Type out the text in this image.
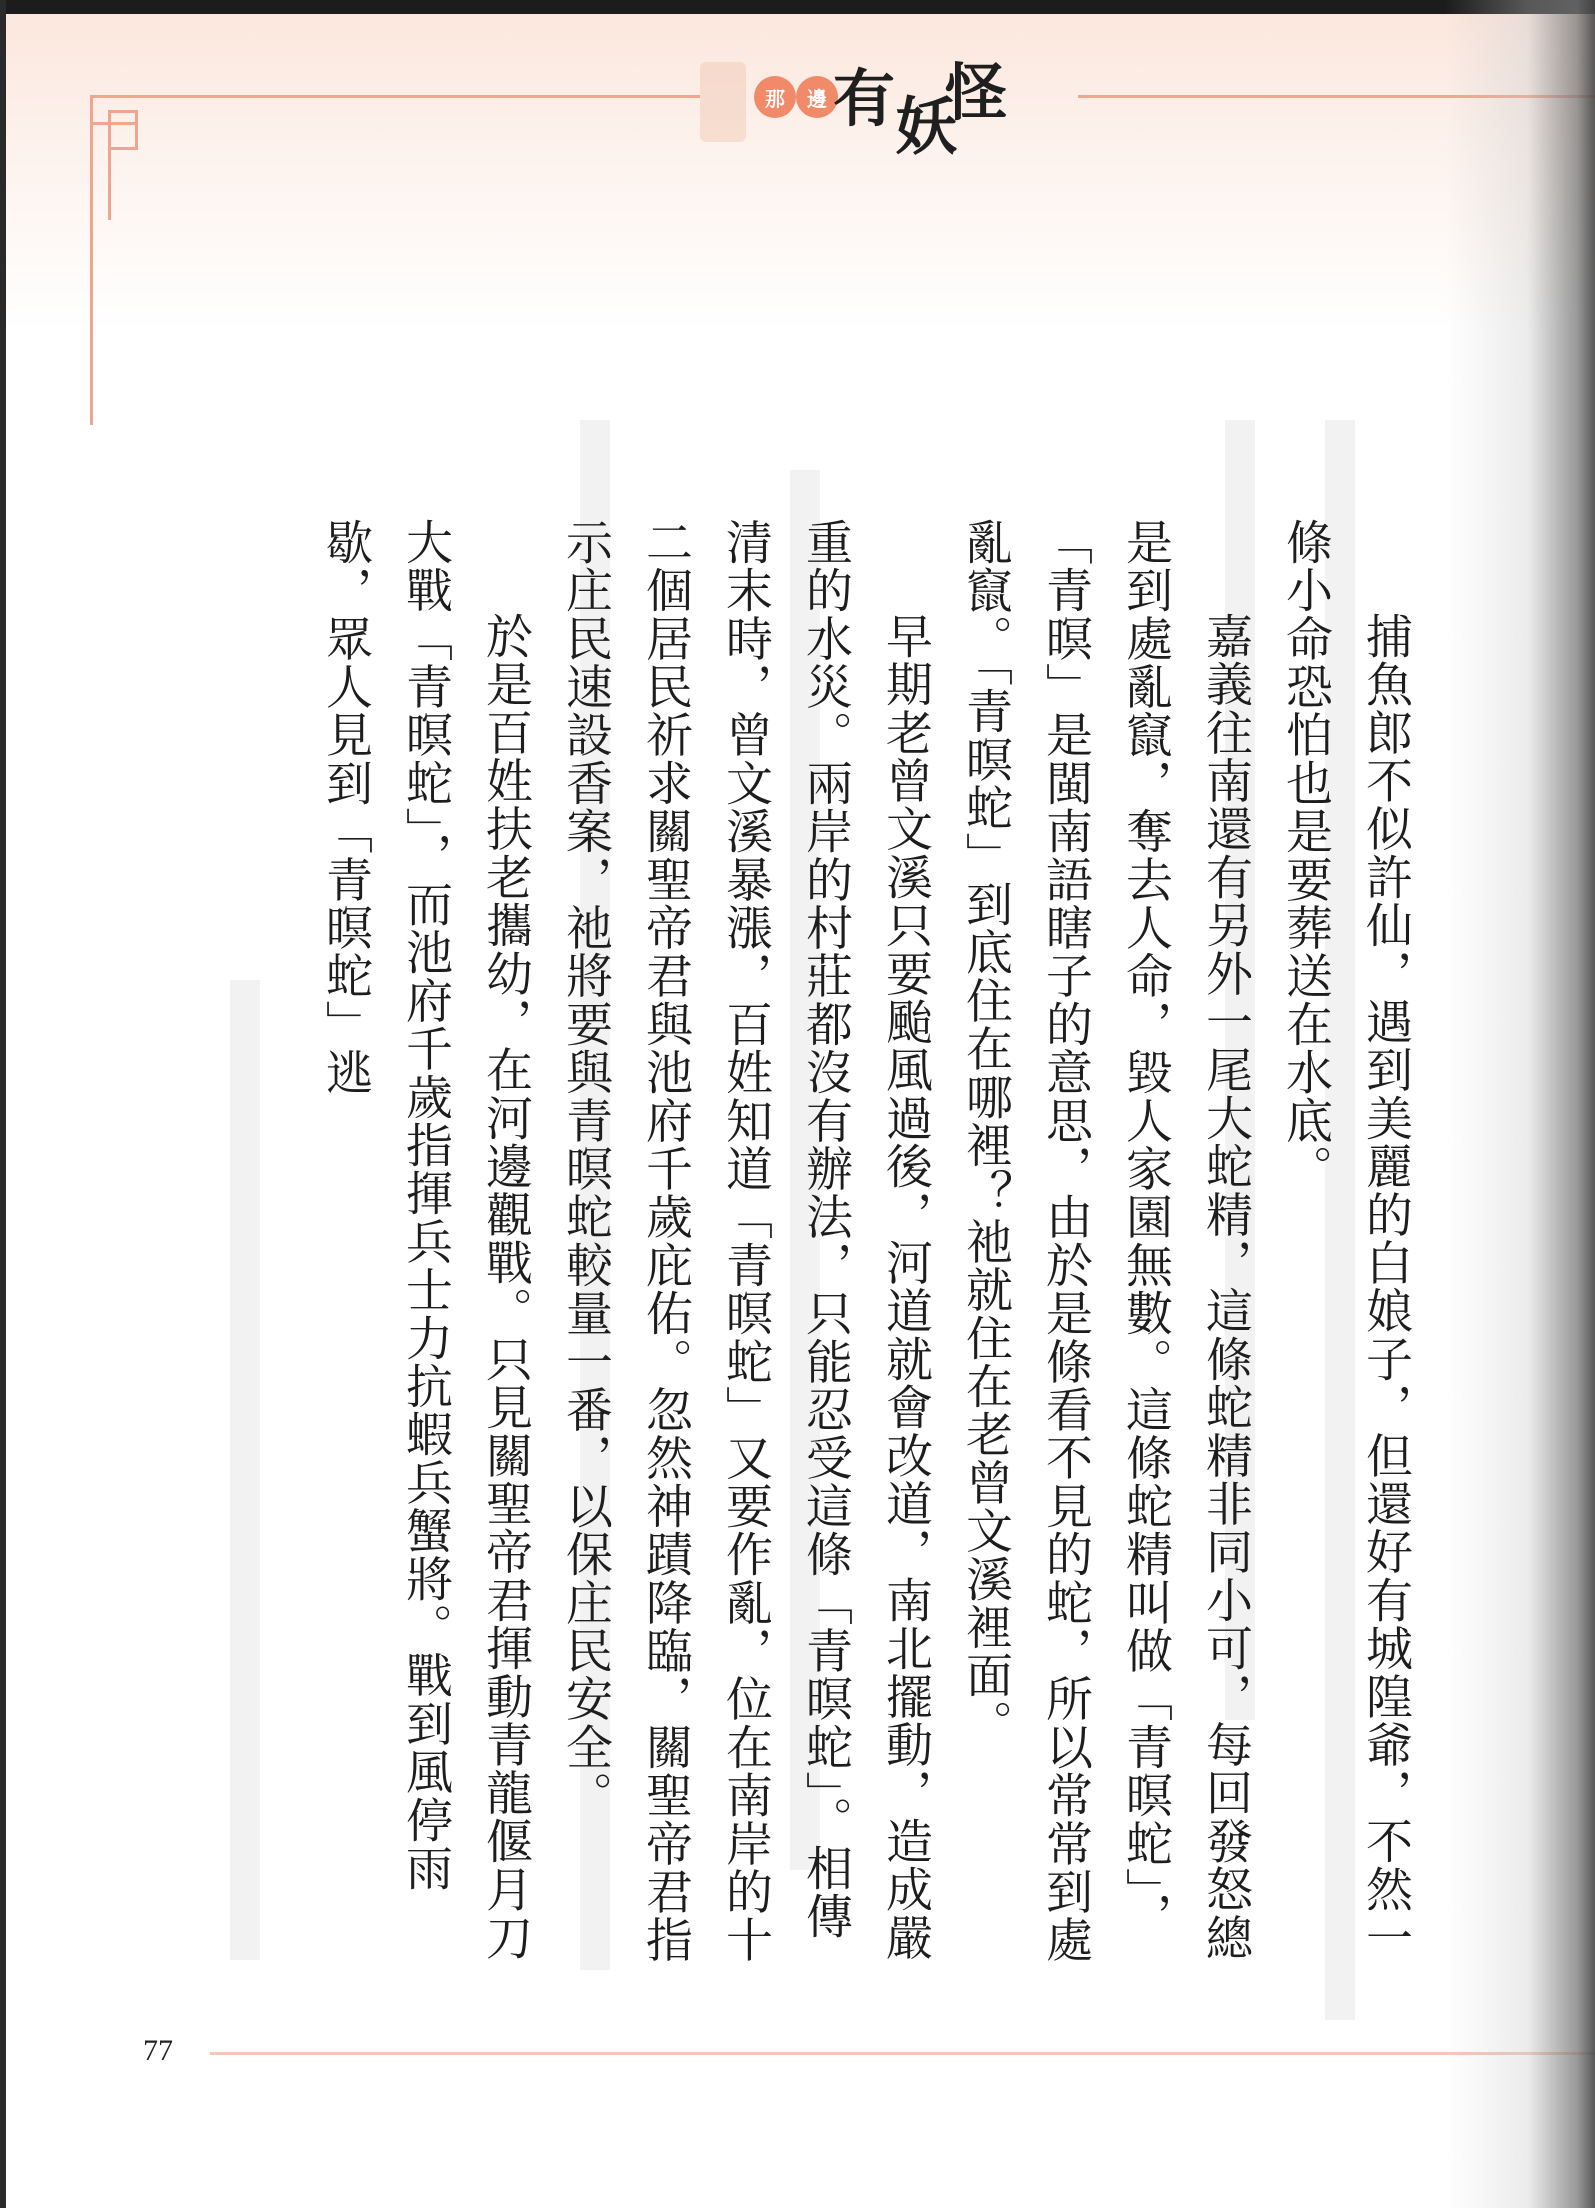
那	邊 有 妖
怪

捕魚郎不似許仙，遇到美麗的白娘子，但還好有城隍爺，不然一條小命恐怕也是要葬送在水底。

嘉義往南還有另外一尾大蛇精，這條蛇精非同小可，每回發怒總是到處亂竄，奪去人命，毀人家園無數。這條蛇精叫做「青暝蛇」，「青暝」是閩南語瞎子的意思，由於是條看不見的蛇，所以常常到處亂竄。「青暝蛇」到底住在哪裡？祂就住在老曾文溪裡面。

早期老曾文溪只要颱風過後，河道就會改道，南北擺動，造成嚴重的水災。兩岸的村莊都沒有辦法，只能忍受這條「青暝蛇」。相傳清末時，曾文溪暴漲，百姓知道「青暝蛇」又要作亂，位在南岸的十二個居民祈求關聖帝君與池府千歲庇佑。忽然神蹟降臨，關聖帝君指示庄民速設香案，祂將要與青暝蛇較量一番，以保庄民安全。

於是百姓扶老攜幼，在河邊觀戰。只見關聖帝君揮動青龍偃月刀大戰「青暝蛇」，而池府千歲指揮兵士力抗蝦兵蟹將。戰到風停雨歇，眾人見到「青暝蛇」逃

77
